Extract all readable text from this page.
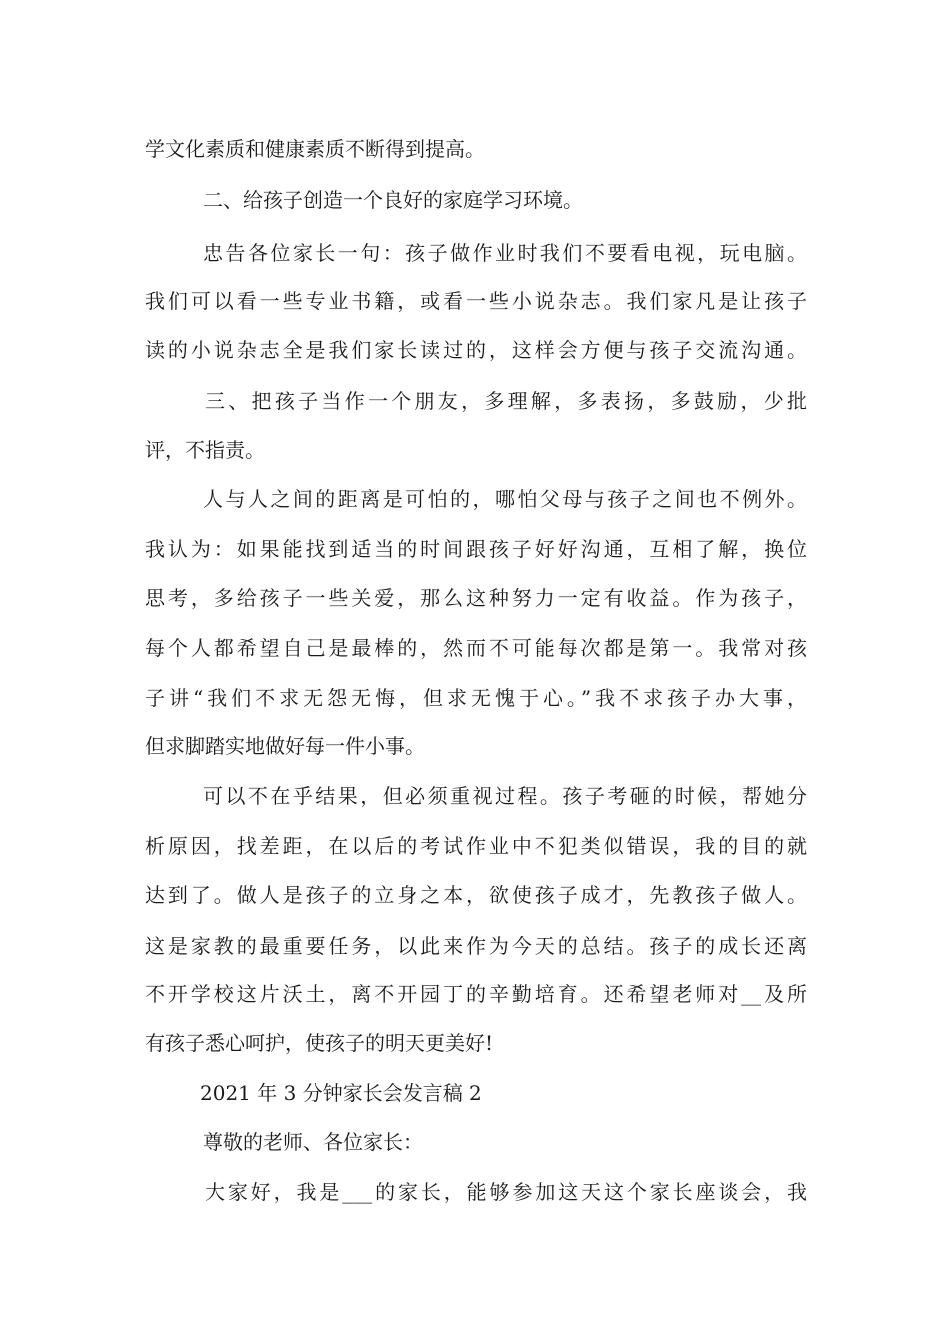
学文化素质和健康素质不断得到提高。
二、给孩子创造一个良好的家庭学习环境。
忠告各位家长一句：孩子做作业时我们不要看电视，玩电脑。
我们可以看一些专业书籍，或看一些小说杂志。我们家凡是让孩子
读的小说杂志全是我们家长读过的，这样会方便与孩子交流沟通。
三、把孩子当作一个朋友，多理解，多表扬，多鼓励，少批
评，不指责。
人与人之间的距离是可怕的，哪怕父母与孩子之间也不例外。
我认为：如果能找到适当的时间跟孩子好好沟通，互相了解，换位
思考，多给孩子一些关爱，那么这种努力一定有收益。作为孩子，
每个人都希望自己是最棒的，然而不可能每次都是第一。我常对孩
子讲“我们不求无怨无悔，但求无愧于心。”我不求孩子办大事，
但求脚踏实地做好每一件小事。
可以不在乎结果，但必须重视过程。孩子考砸的时候，帮她分
析原因，找差距，在以后的考试作业中不犯类似错误，我的目的就
达到了。做人是孩子的立身之本，欲使孩子成才，先教孩子做人。
这是家教的最重要任务，以此来作为今天的总结。孩子的成长还离
不开学校这片沃土，离不开园丁的辛勤培育。还希望老师对__及所
有孩子悉心呵护，使孩子的明天更美好!
2021 年 3 分钟家长会发言稿 2
尊敬的老师、各位家长：
大家好，我是___的家长，能够参加这天这个家长座谈会，我
